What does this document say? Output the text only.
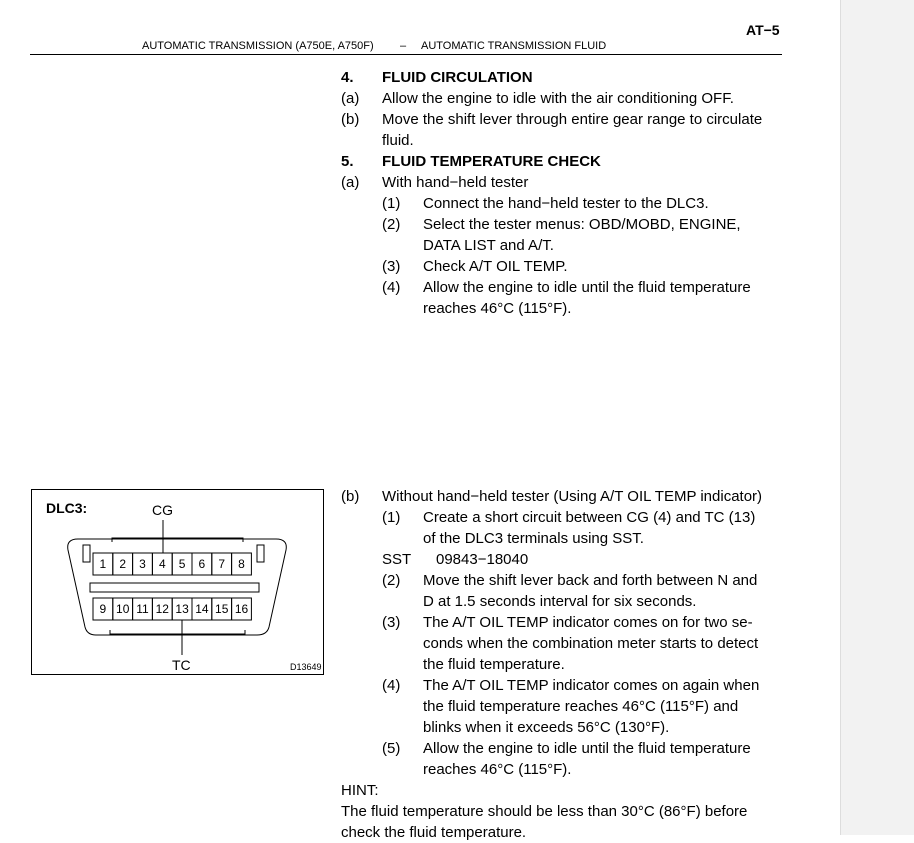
AT−5
AUTOMATIC TRANSMISSION (A750E, A750F) – AUTOMATIC TRANSMISSION FLUID
4. FLUID CIRCULATION
(a) Allow the engine to idle with the air conditioning OFF.
(b) Move the shift lever through entire gear range to circulate
fluid.
5. FLUID TEMPERATURE CHECK
(a) With hand−held tester
(1) Connect the hand−held tester to the DLC3.
(2) Select the tester menus: OBD/MOBD, ENGINE,
DATA LIST and A/T.
(3) Check A/T OIL TEMP.
(4) Allow the engine to idle until the fluid temperature
reaches 46°C (115°F).
(b) Without hand−held tester (Using A/T OIL TEMP indicator)
(1) Create a short circuit between CG (4) and TC (13)
of the DLC3 terminals using SST.
SST 09843−18040
(2) Move the shift lever back and forth between N and
D at 1.5 seconds interval for six seconds.
(3) The A/T OIL TEMP indicator comes on for two se-
conds when the combination meter starts to detect
the fluid temperature.
(4) The A/T OIL TEMP indicator comes on again when
the fluid temperature reaches 46°C (115°F) and
blinks when it exceeds 56°C (130°F).
(5) Allow the engine to idle until the fluid temperature
reaches 46°C (115°F).
HINT:
The fluid temperature should be less than 30°C (86°F) before
check the fluid temperature.
DLC3:	CG
TC	D13649
1 2 3 4 5 6 7 8
9 10 11 12 13 14 15 16
